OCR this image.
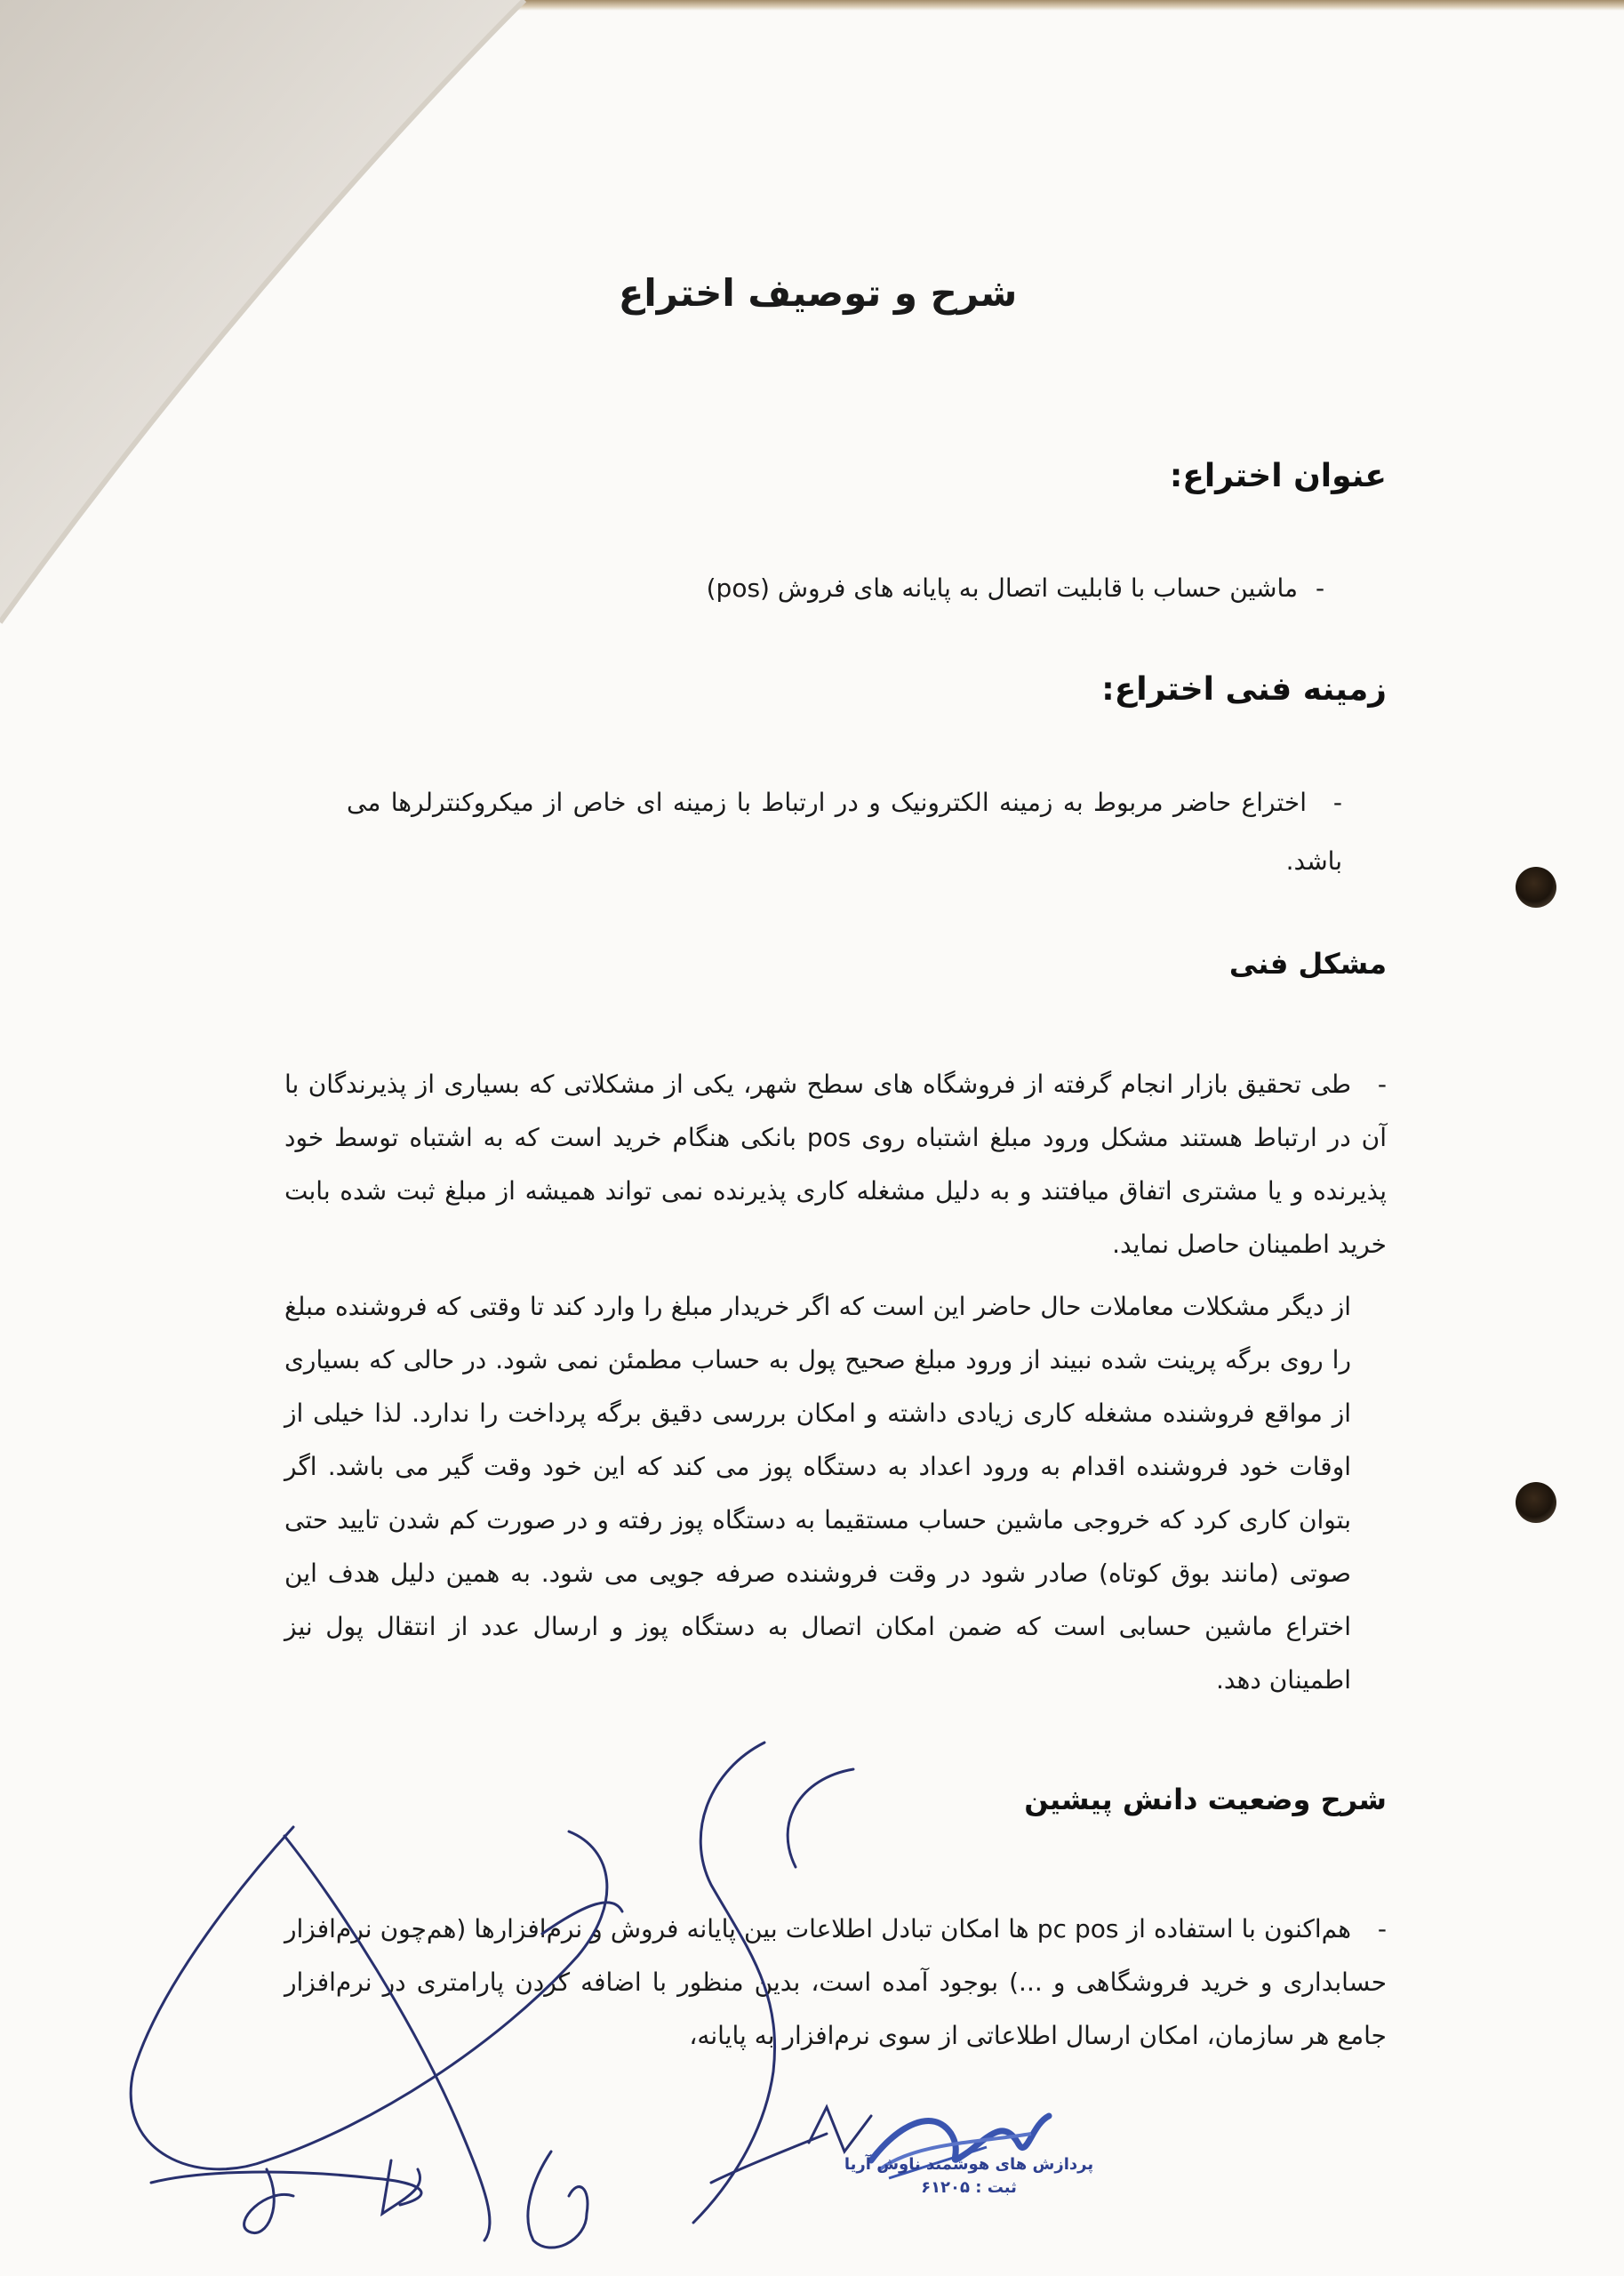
شرح و توصیف اختراع
عنوان اختراع:

-ماشین حساب با قابلیت اتصال به پایانه های فروش (pos)

زمینه فنی اختراع:

-اختراع حاضر مربوط به زمینه الکترونیک و در ارتباط با زمینه ای خاص از میکروکنترلرها می باشد.

مشکل فنی

-طی تحقیق بازار انجام گرفته از فروشگاه های سطح شهر، یکی از مشکلاتی که بسیاری از پذیرندگان با آن در ارتباط هستند مشکل ورود مبلغ اشتباه روی pos بانکی هنگام خرید است که به اشتباه توسط خود پذیرنده و یا مشتری اتفاق میافتند و به دلیل مشغله کاری پذیرنده نمی تواند همیشه از مبلغ ثبت شده بابت خرید اطمینان حاصل نماید.

از دیگر مشکلات معاملات حال حاضر این است که اگر خریدار مبلغ را وارد کند تا وقتی که فروشنده مبلغ را روی برگه پرینت شده نبیند از ورود مبلغ صحیح پول به حساب مطمئن نمی شود. در حالی که بسیاری از مواقع فروشنده مشغله کاری زیادی داشته و امکان بررسی دقیق برگه پرداخت را ندارد. لذا خیلی از اوقات خود فروشنده اقدام به ورود اعداد به دستگاه پوز می کند که این خود وقت گیر می باشد. اگر بتوان کاری کرد که خروجی ماشین حساب مستقیما به دستگاه پوز رفته و در صورت کم شدن تایید حتی صوتی (مانند بوق کوتاه) صادر شود در وقت فروشنده صرفه جویی می شود. به همین دلیل هدف این اختراع ماشین حسابی است که ضمن امکان اتصال به دستگاه پوز و ارسال عدد از انتقال پول نیز اطمینان دهد.

شرح وضعیت دانش پیشین

-هم‌اکنون با استفاده از pc pos ها امکان تبادل اطلاعات بین پایانه فروش و نرم‌افزارها (هم‌چون نرم‌افزار حسابداری و خرید فروشگاهی و ...) بوجود آمده است، بدین منظور با اضافه کردن پارامتری در نرم‌افزار جامع هر سازمان، امکان ارسال اطلاعاتی از سوی نرم‌افزار به پایانه،

پردازش های هوشمند ناوش آریا
ثبت : ۶۱۲۰۵
